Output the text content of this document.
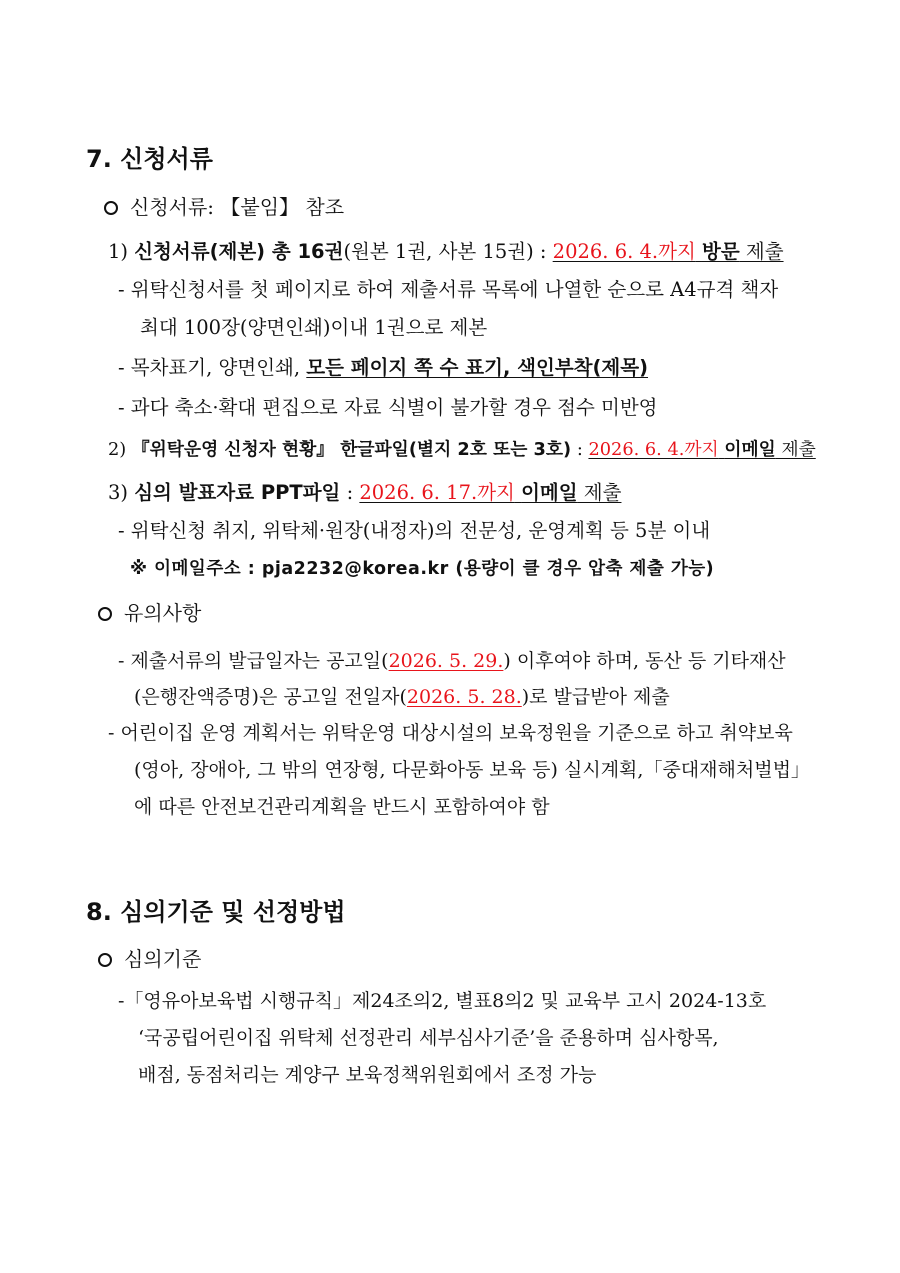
7. 신청서류
신청서류: 【붙임】 참조
1) 신청서류(제본) 총 16권(원본 1권, 사본 15권) : 2026. 6. 4.까지 방문 제출
- 위탁신청서를 첫 페이지로 하여 제출서류 목록에 나열한 순으로 A4규격 책자
최대 100장(양면인쇄)이내 1권으로 제본
- 목차표기, 양면인쇄, 모든 페이지 쪽 수 표기, 색인부착(제목)
- 과다 축소·확대 편집으로 자료 식별이 불가할 경우 점수 미반영
2) 『위탁운영 신청자 현황』 한글파일(별지 2호 또는 3호) : 2026. 6. 4.까지 이메일 제출
3) 심의 발표자료 PPT파일 : 2026. 6. 17.까지 이메일 제출
- 위탁신청 취지, 위탁체·원장(내정자)의 전문성, 운영계획 등 5분 이내
※ 이메일주소 : pja2232@korea.kr (용량이 클 경우 압축 제출 가능)
유의사항
- 제출서류의 발급일자는 공고일(2026. 5. 29.) 이후여야 하며, 동산 등 기타재산
(은행잔액증명)은 공고일 전일자(2026. 5. 28.)로 발급받아 제출
- 어린이집 운영 계획서는 위탁운영 대상시설의 보육정원을 기준으로 하고 취약보육
(영아, 장애아, 그 밖의 연장형, 다문화아동 보육 등) 실시계획,「중대재해처벌법」
에 따른 안전보건관리계획을 반드시 포함하여야 함
8. 심의기준 및 선정방법
심의기준
-「영유아보육법 시행규칙」제24조의2, 별표8의2 및 교육부 고시 2024-13호
‘국공립어린이집 위탁체 선정관리 세부심사기준’을 준용하며 심사항목,
배점, 동점처리는 계양구 보육정책위원회에서 조정 가능
